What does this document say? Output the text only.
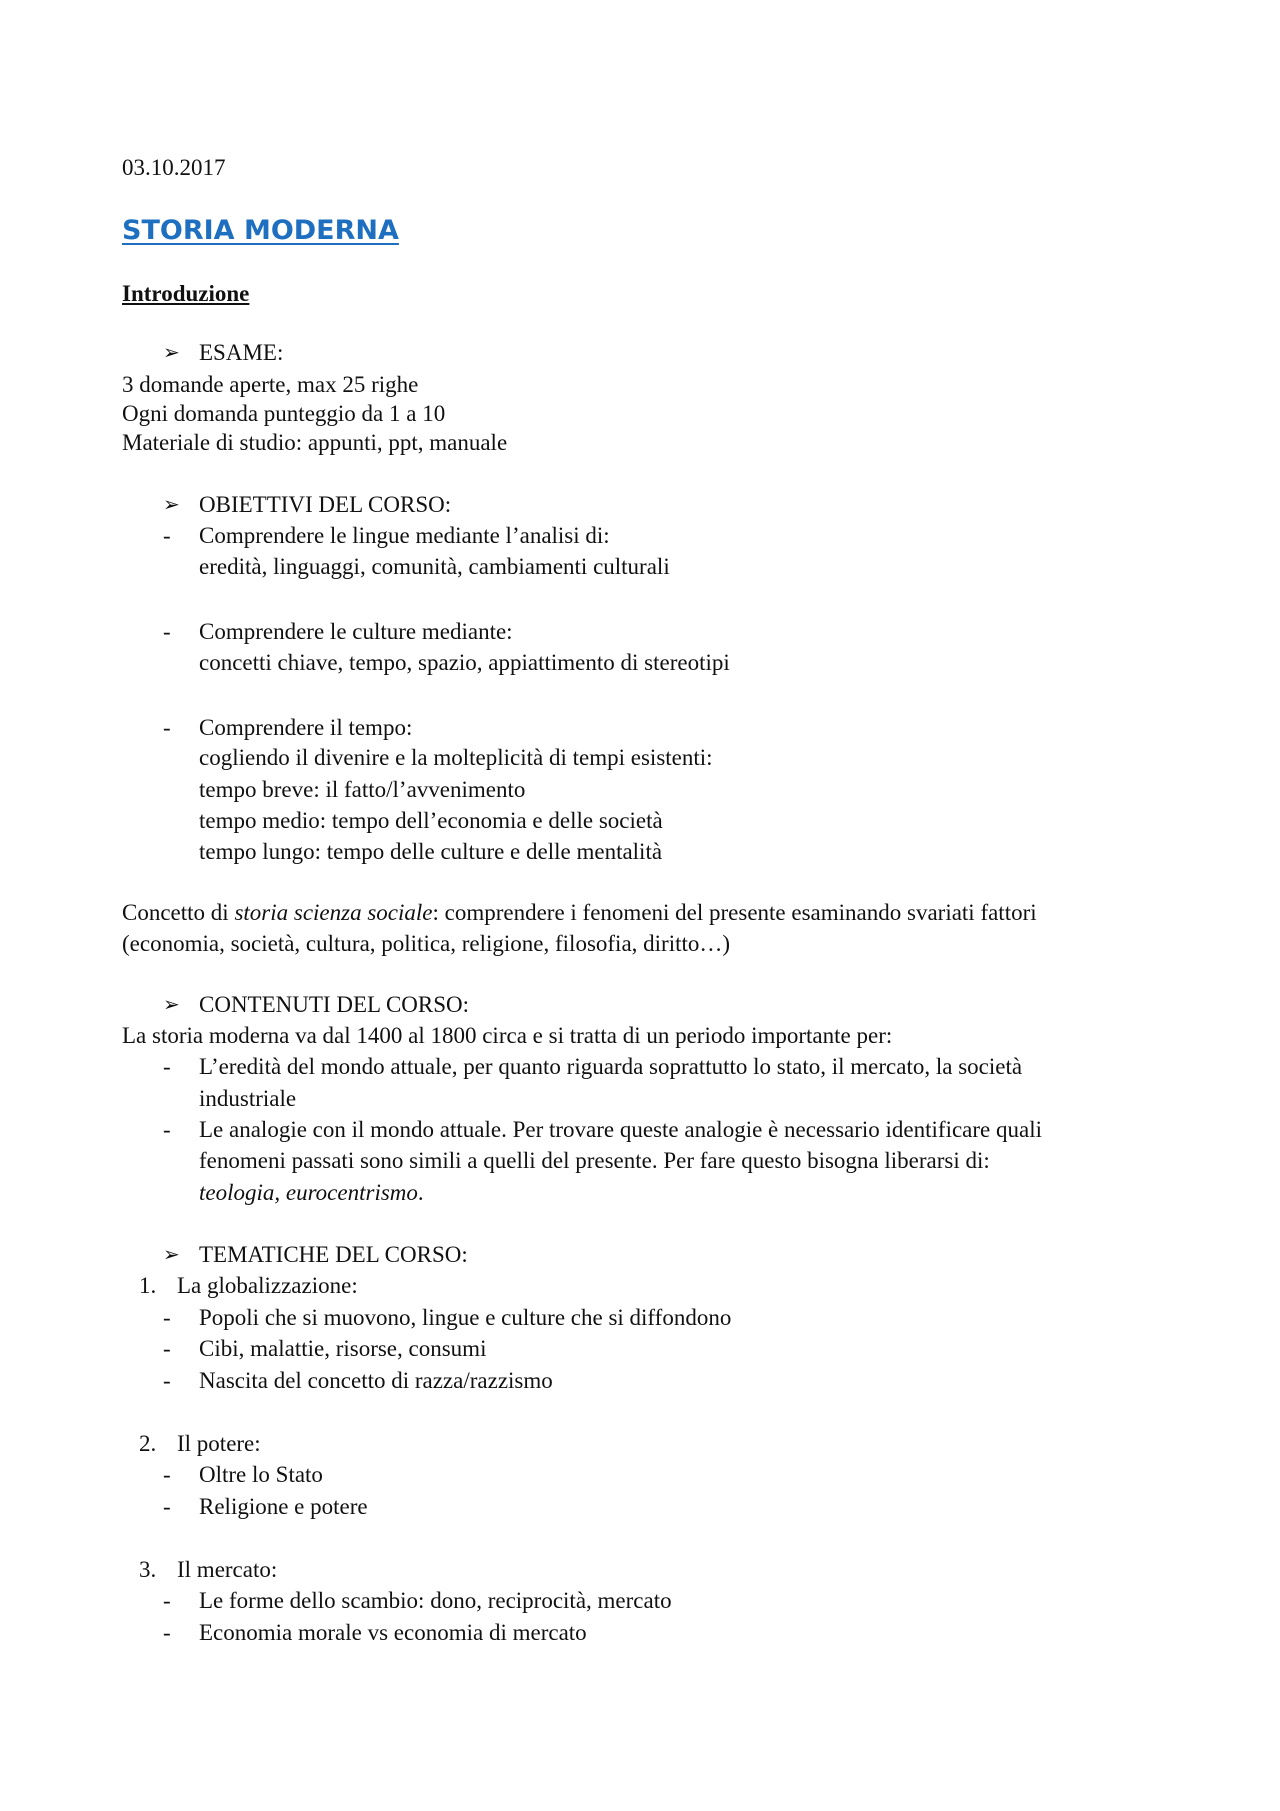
03.10.2017
STORIA MODERNA
Introduzione
➢ ESAME:
3 domande aperte, max 25 righe
Ogni domanda punteggio da 1 a 10
Materiale di studio: appunti, ppt, manuale
➢ OBIETTIVI DEL CORSO:
- Comprendere le lingue mediante l’analisi di:
eredità, linguaggi, comunità, cambiamenti culturali
- Comprendere le culture mediante:
concetti chiave, tempo, spazio, appiattimento di stereotipi
- Comprendere il tempo:
cogliendo il divenire e la molteplicità di tempi esistenti:
tempo breve: il fatto/l’avvenimento
tempo medio: tempo dell’economia e delle società
tempo lungo: tempo delle culture e delle mentalità
Concetto di storia scienza sociale: comprendere i fenomeni del presente esaminando svariati fattori
(economia, società, cultura, politica, religione, filosofia, diritto…)
➢ CONTENUTI DEL CORSO:
La storia moderna va dal 1400 al 1800 circa e si tratta di un periodo importante per:
- L’eredità del mondo attuale, per quanto riguarda soprattutto lo stato, il mercato, la società
industriale
- Le analogie con il mondo attuale. Per trovare queste analogie è necessario identificare quali
fenomeni passati sono simili a quelli del presente. Per fare questo bisogna liberarsi di:
teologia, eurocentrismo.
➢ TEMATICHE DEL CORSO:
1. La globalizzazione:
- Popoli che si muovono, lingue e culture che si diffondono
- Cibi, malattie, risorse, consumi
- Nascita del concetto di razza/razzismo
2. Il potere:
- Oltre lo Stato
- Religione e potere
3. Il mercato:
- Le forme dello scambio: dono, reciprocità, mercato
- Economia morale vs economia di mercato
